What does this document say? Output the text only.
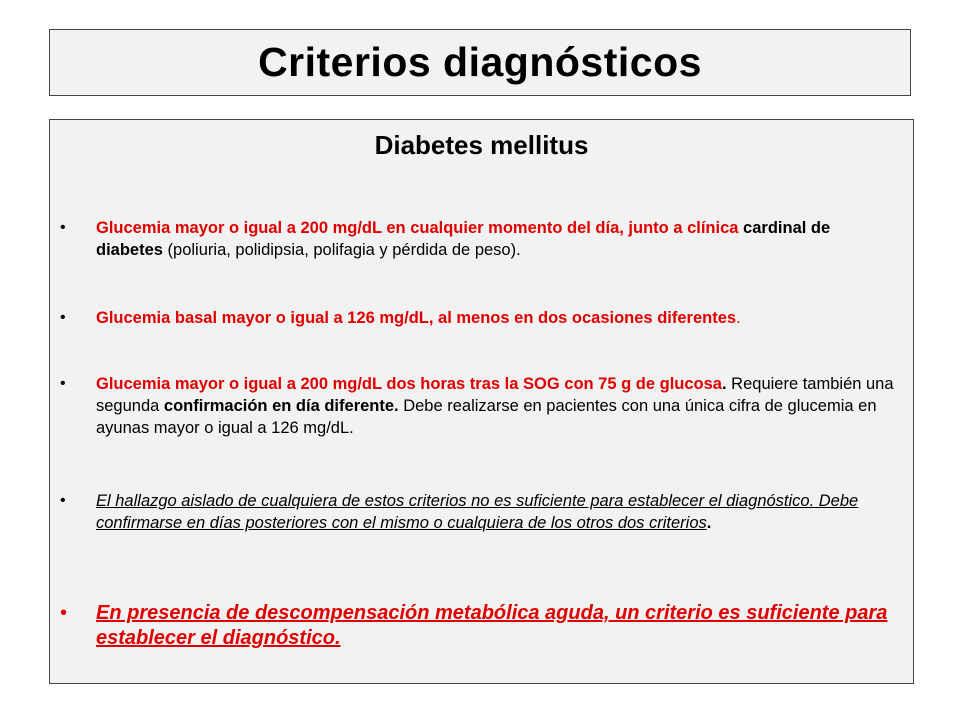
Criterios diagnósticos
Diabetes mellitus
• Glucemia mayor o igual a 200 mg/dL en cualquier momento del día, junto a clínica cardinal de diabetes (poliuria, polidipsia, polifagia y pérdida de peso).
• Glucemia basal mayor o igual a 126 mg/dL, al menos en dos ocasiones diferentes.
• Glucemia mayor o igual a 200 mg/dL dos horas tras la SOG con 75 g de glucosa. Requiere también una segunda confirmación en día diferente. Debe realizarse en pacientes con una única cifra de glucemia en ayunas mayor o igual a 126 mg/dL.
• El hallazgo aislado de cualquiera de estos criterios no es suficiente para establecer el diagnóstico. Debe confirmarse en días posteriores con el mismo o cualquiera de los otros dos criterios.
• En presencia de descompensación metabólica aguda, un criterio es suficiente para establecer el diagnóstico.
